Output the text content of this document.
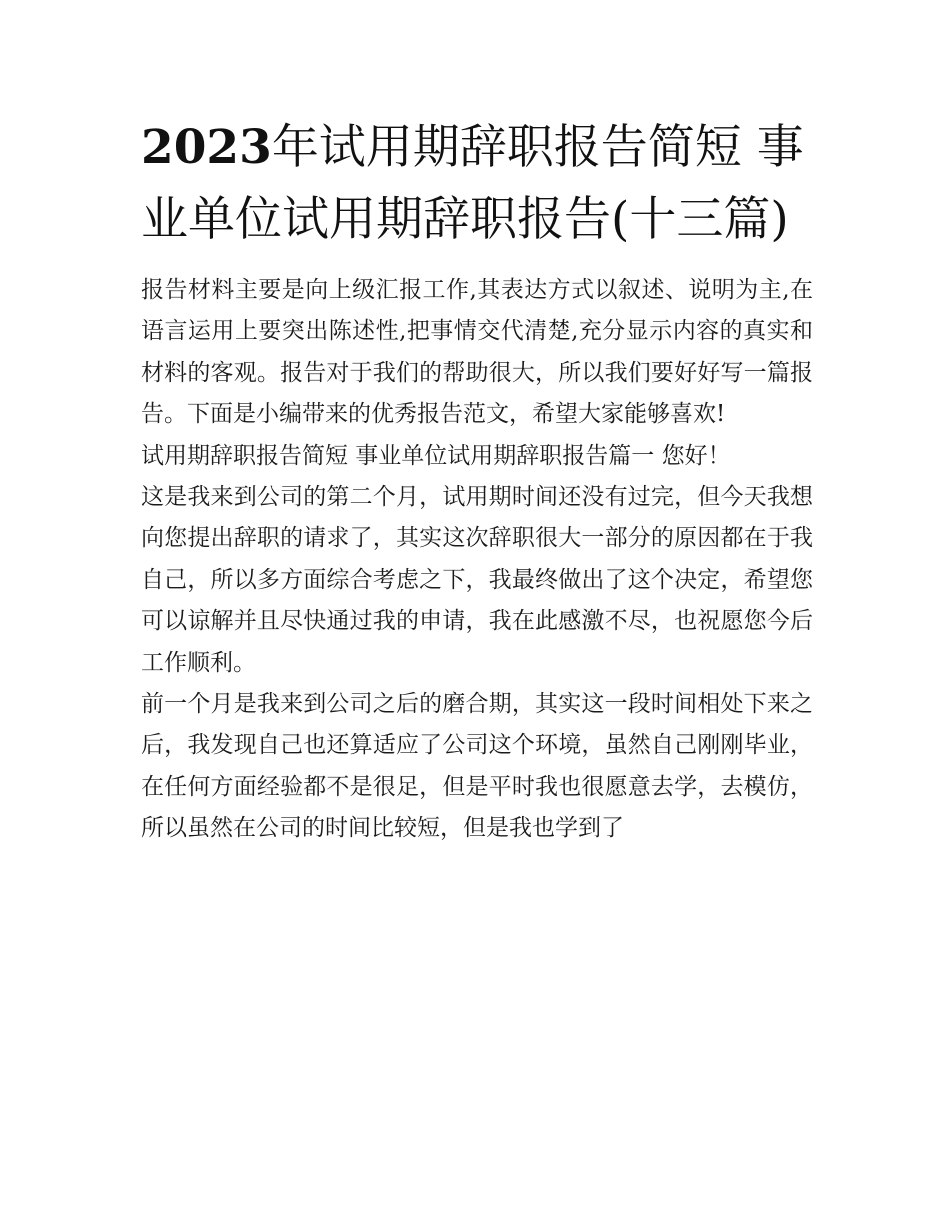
2023年试用期辞职报告简短 事业单位试用期辞职报告(十三篇)

报告材料主要是向上级汇报工作,其表达方式以叙述、说明为主,在语言运用上要突出陈述性,把事情交代清楚,充分显示内容的真实和材料的客观。报告对于我们的帮助很大，所以我们要好好写一篇报告。下面是小编带来的优秀报告范文，希望大家能够喜欢!

试用期辞职报告简短 事业单位试用期辞职报告篇一 您好！

这是我来到公司的第二个月，试用期时间还没有过完，但今天我想向您提出辞职的请求了，其实这次辞职很大一部分的原因都在于我自己，所以多方面综合考虑之下，我最终做出了这个决定，希望您可以谅解并且尽快通过我的申请，我在此感激不尽，也祝愿您今后工作顺利。

前一个月是我来到公司之后的磨合期，其实这一段时间相处下来之后，我发现自己也还算适应了公司这个环境，虽然自己刚刚毕业，在任何方面经验都不是很足，但是平时我也很愿意去学，去模仿，所以虽然在公司的时间比较短，但是我也学到了
